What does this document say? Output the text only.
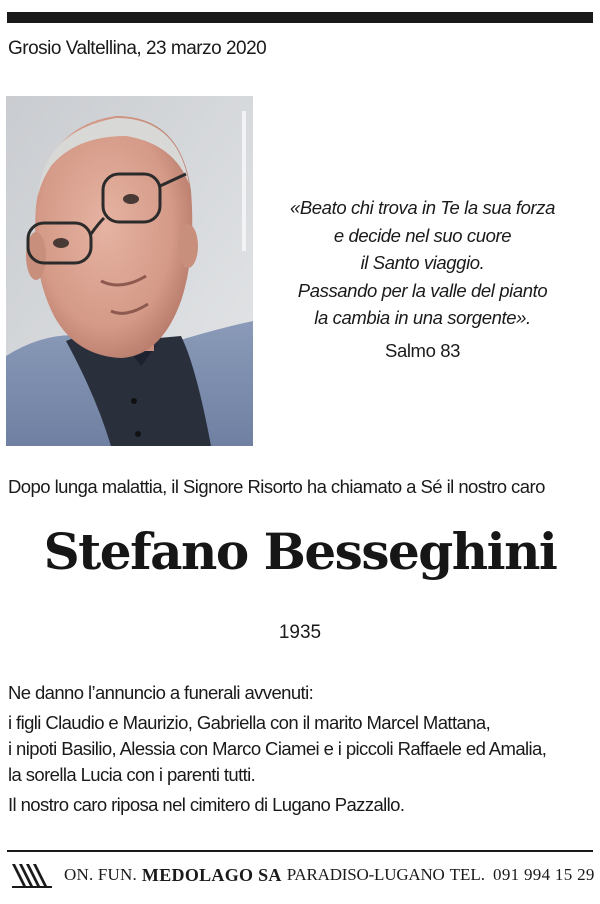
Grosio Valtellina, 23 marzo 2020
«Beato chi trova in Te la sua forza
e decide nel suo cuore
il Santo viaggio.
Passando per la valle del pianto
la cambia in una sorgente».
Salmo 83
Dopo lunga malattia, il Signore Risorto ha chiamato a Sé il nostro caro
Stefano Besseghini
1935
Ne danno l’annuncio a funerali avvenuti:
i figli Claudio e Maurizio, Gabriella con il marito Marcel Mattana,
i nipoti Basilio, Alessia con Marco Ciamei e i piccoli Raffaele ed Amalia,
la sorella Lucia con i parenti tutti.
Il nostro caro riposa nel cimitero di Lugano Pazzallo.
ON. FUN. MEDOLAGO SA PARADISO-LUGANO TEL. 091 994 15 29
